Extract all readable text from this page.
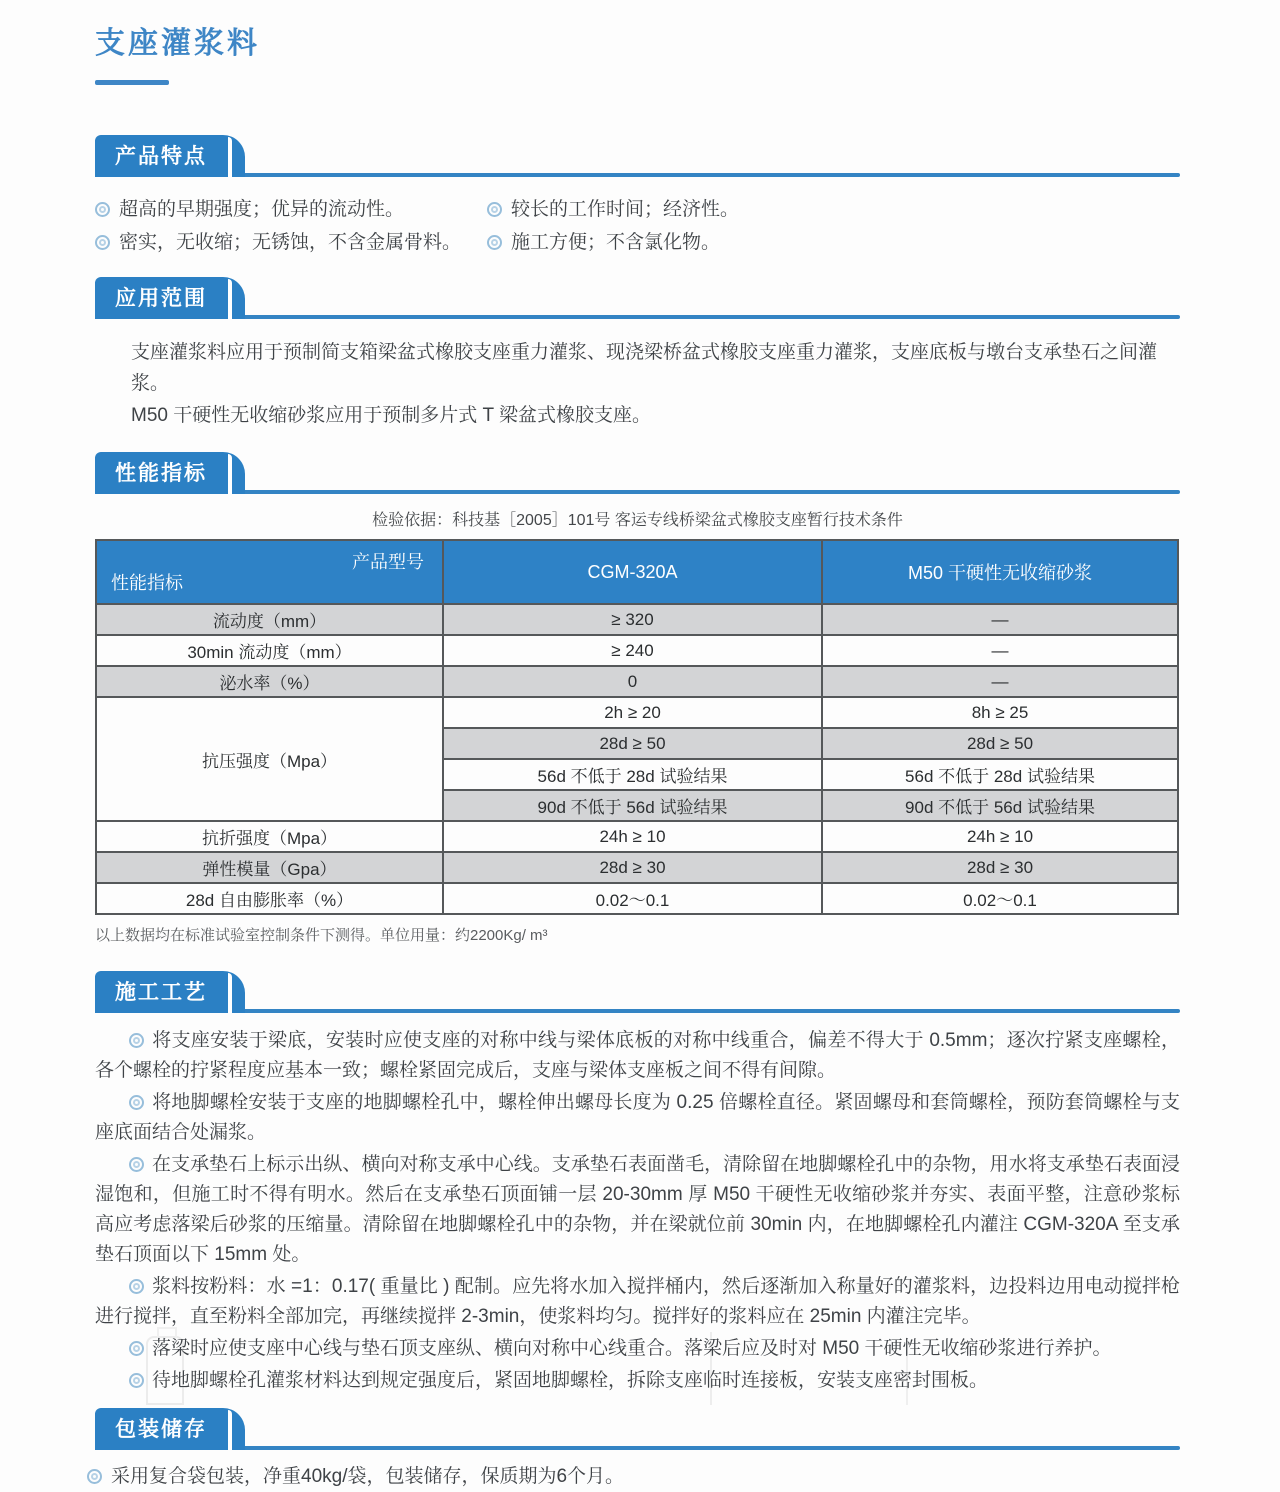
支座灌浆料
产品特点
超高的早期强度；优异的流动性。
密实，无收缩；无锈蚀，不含金属骨料。
较长的工作时间；经济性。
施工方便；不含氯化物。
应用范围

支座灌浆料应用于预制简支箱梁盆式橡胶支座重力灌浆、现浇梁桥盆式橡胶支座重力灌浆，支座底板与墩台支承垫石之间灌浆。

M50 干硬性无收缩砂浆应用于预制多片式 T 梁盆式橡胶支座。

性能指标
检验依据：科技基［2005］101号 客运专线桥梁盆式橡胶支座暂行技术条件
产品型号
性能指标	CGM-320A	M50 干硬性无收缩砂浆
流动度（mm）	≥ 320	—
30min 流动度（mm）	≥ 240	—
泌水率（%）	0	—
抗压强度（Mpa）	2h ≥ 20	8h ≥ 25
	28d ≥ 50	28d ≥ 50
	56d 不低于 28d 试验结果	56d 不低于 28d 试验结果
	90d 不低于 56d 试验结果	90d 不低于 56d 试验结果
抗折强度（Mpa）	24h ≥ 10	24h ≥ 10
弹性模量（Gpa）	28d ≥ 30	28d ≥ 30
28d 自由膨胀率（%）	0.02～0.1	0.02～0.1
以上数据均在标准试验室控制条件下测得。单位用量：约2200Kg/ m³
施工工艺

将支座安装于梁底，安装时应使支座的对称中线与梁体底板的对称中线重合，偏差不得大于 0.5mm；逐次拧紧支座螺栓，各个螺栓的拧紧程度应基本一致；螺栓紧固完成后，支座与梁体支座板之间不得有间隙。

将地脚螺栓安装于支座的地脚螺栓孔中，螺栓伸出螺母长度为 0.25 倍螺栓直径。紧固螺母和套筒螺栓，预防套筒螺栓与支座底面结合处漏浆。

在支承垫石上标示出纵、横向对称支承中心线。支承垫石表面凿毛，清除留在地脚螺栓孔中的杂物，用水将支承垫石表面浸湿饱和，但施工时不得有明水。然后在支承垫石顶面铺一层 20-30mm 厚 M50 干硬性无收缩砂浆并夯实、表面平整，注意砂浆标高应考虑落梁后砂浆的压缩量。清除留在地脚螺栓孔中的杂物，并在梁就位前 30min 内，在地脚螺栓孔内灌注 CGM-320A 至支承垫石顶面以下 15mm 处。

浆料按粉料：水 =1：0.17( 重量比 ) 配制。应先将水加入搅拌桶内，然后逐渐加入称量好的灌浆料，边投料边用电动搅拌枪进行搅拌，直至粉料全部加完，再继续搅拌 2-3min，使浆料均匀。搅拌好的浆料应在 25min 内灌注完毕。

落梁时应使支座中心线与垫石顶支座纵、横向对称中心线重合。落梁后应及时对 M50 干硬性无收缩砂浆进行养护。

待地脚螺栓孔灌浆材料达到规定强度后，紧固地脚螺栓，拆除支座临时连接板，安装支座密封围板。

包装储存

采用复合袋包装，净重40kg/袋，包装储存，保质期为6个月。
